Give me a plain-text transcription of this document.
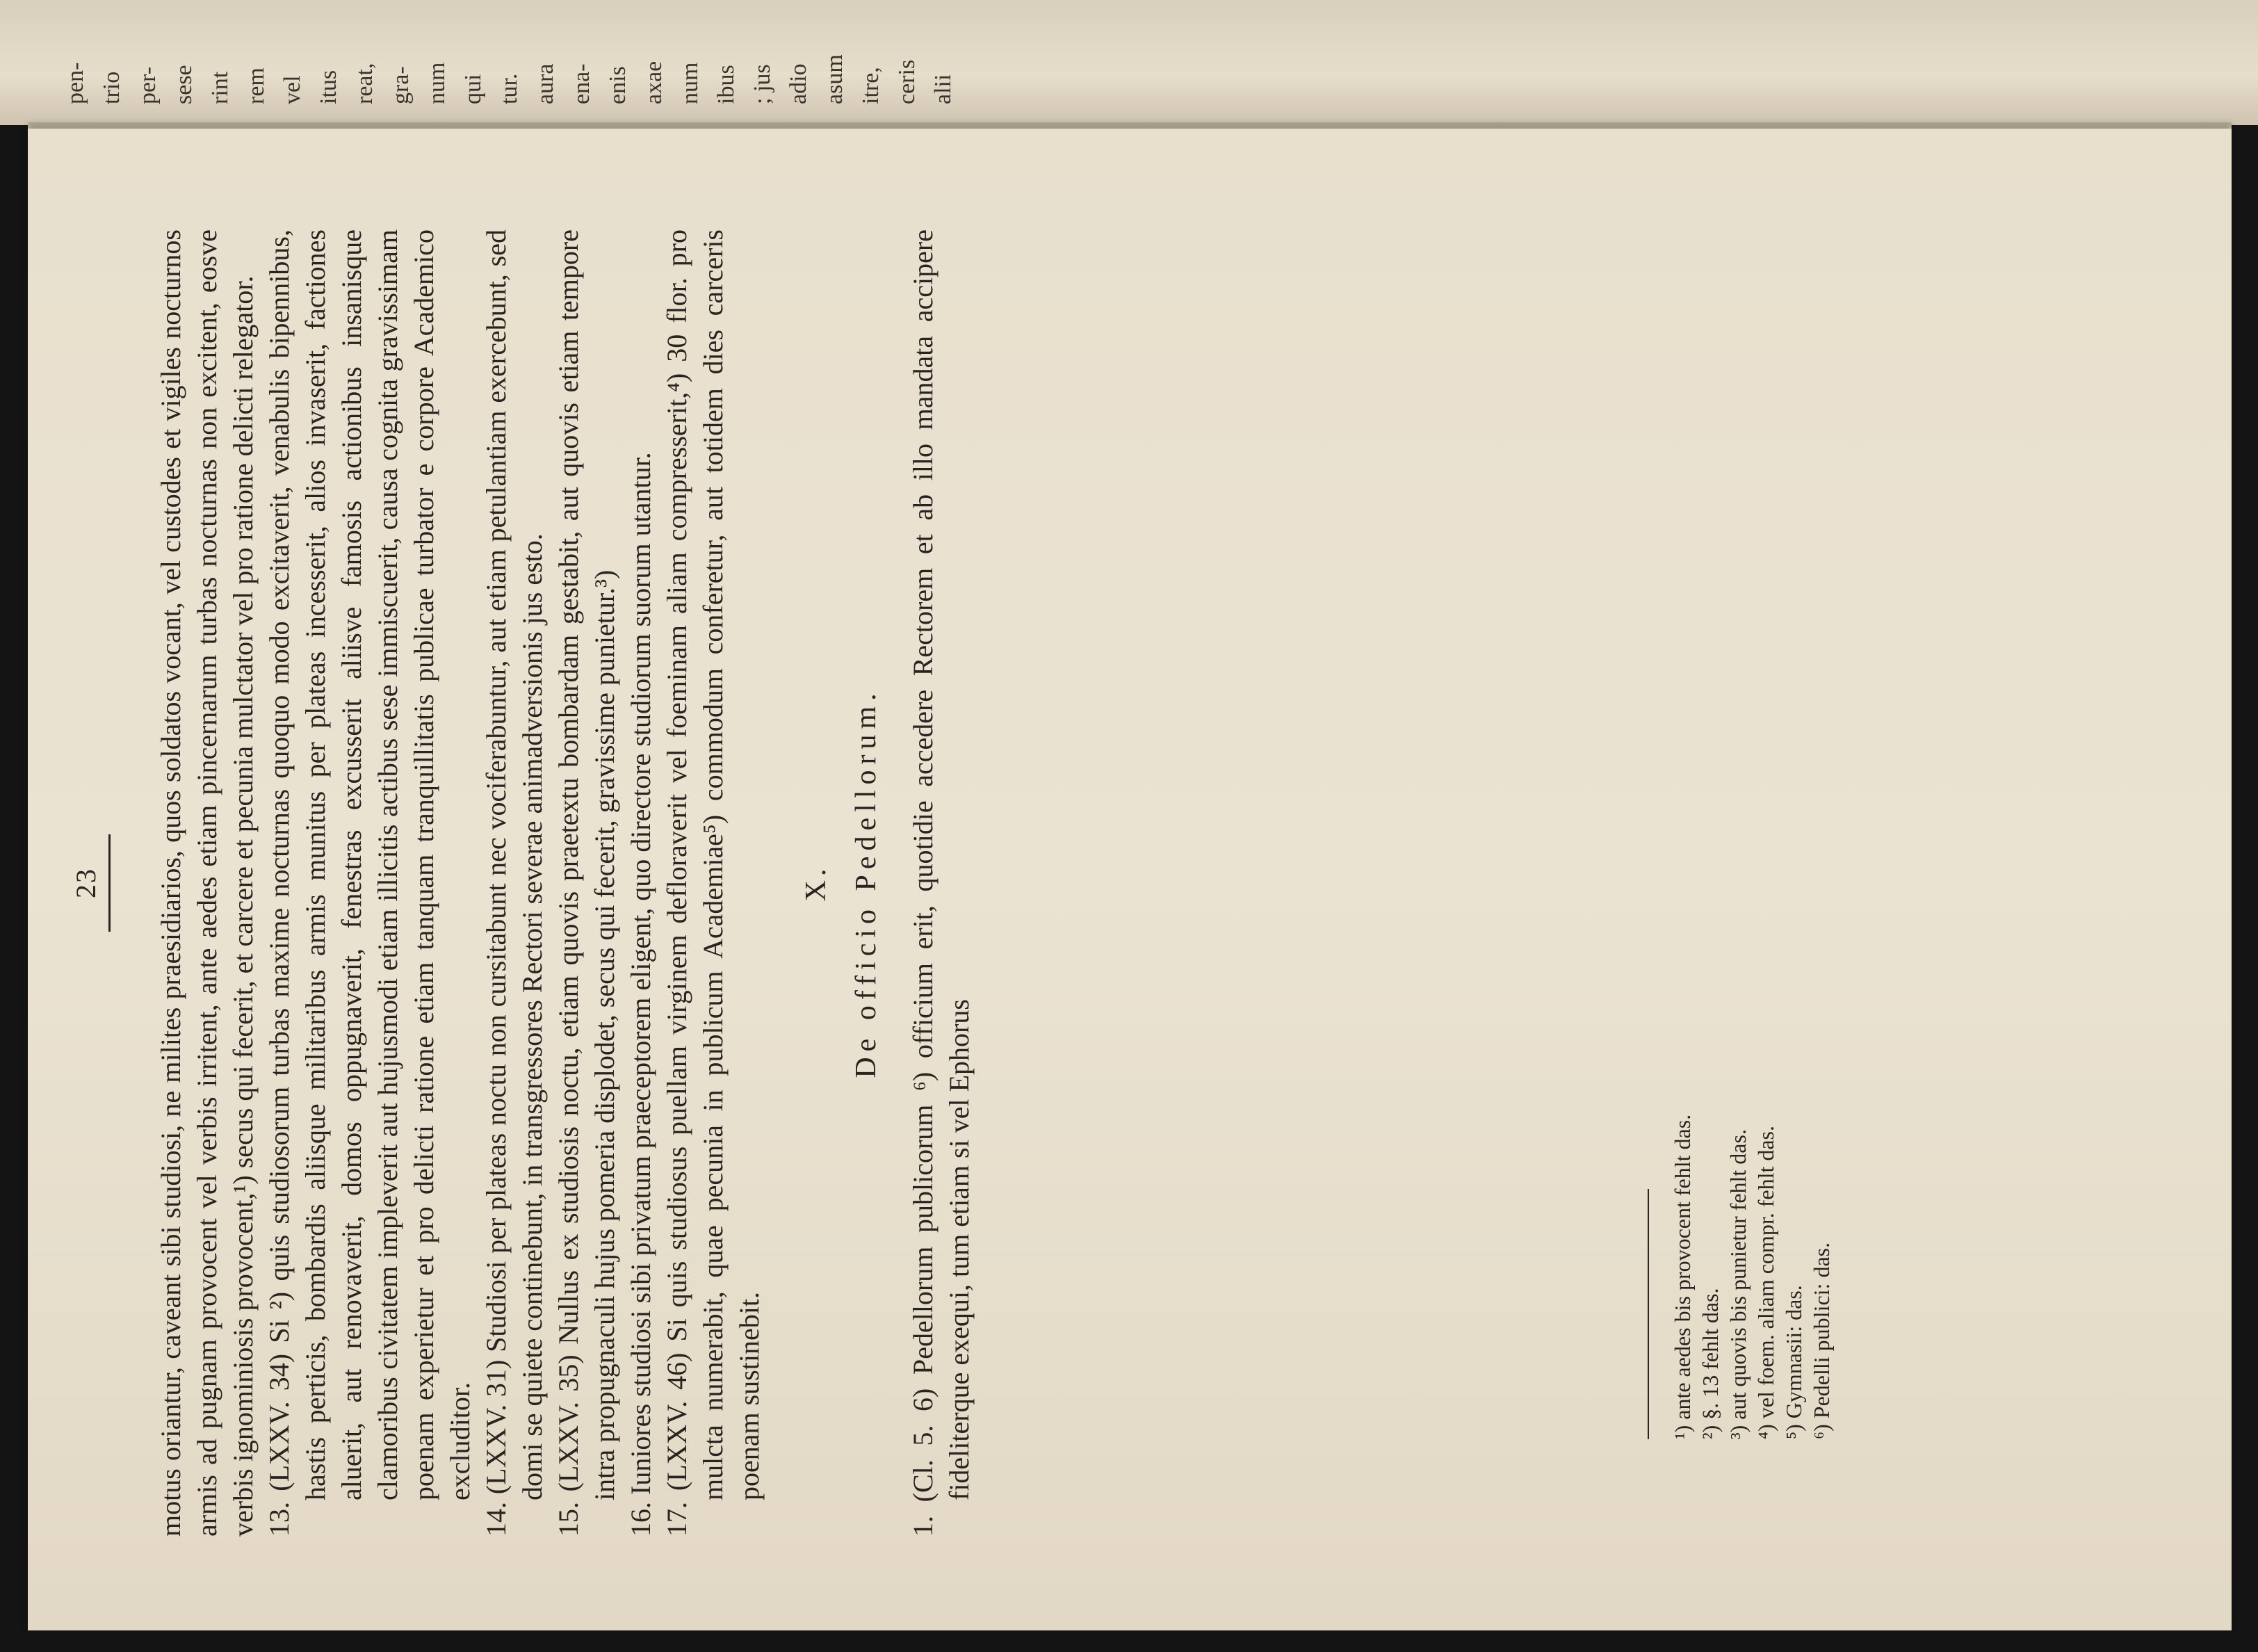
pen- trio per- sese rint rem vel itus reat, gra- num qui tur. aura ena- enis axae num ibus ; jus adio asum itre, ceris alii
23 motus oriantur, caveant sibi studiosi, ne milites praesidiarios, quos soldatos vocant, vel custodes et vigiles nocturnos armis ad pugnam provocent vel verbis irritent, ante aedes etiam pincernarum turbas nocturnas non excitent, eosve verbis ignominiosis provocent,¹) secus qui fecerit, et carcere et pecunia mulctator vel pro ratione delicti relegator. 13. (LXXV. 34) Si ²) quis studiosorum turbas maxime nocturnas quoquo modo excitaverit, venabulis bipennibus, hastis perticis, bombardis aliisque militaribus armis munitus per plateas incesserit, alios invaserit, factiones aluerit, aut renovaverit, domos oppugnaverit, fenestras excusserit aliisve famosis actionibus insanisque clamoribus civitatem impleverit aut hujusmodi etiam illicitis actibus sese immiscuerit, causa cognita gravissimam poenam experietur et pro delicti ratione etiam tanquam tranquillitatis publicae turbator e corpore Academico excluditor. 14. (LXXV. 31) Studiosi per plateas noctu non cursitabunt nec vociferabuntur, aut etiam petulantiam exercebunt, sed domi se quiete continebunt, in transgressores Rectori severae animadversionis jus esto. 15. (LXXV. 35) Nullus ex studiosis noctu, etiam quovis praetextu bombardam gestabit, aut quovis etiam tempore intra propugnaculi hujus pomeria displodet, secus qui fecerit, gravissime punietur.³) 16. Iuniores studiosi sibi privatum praeceptorem eligent, quo directore studiorum suorum utantur. 17. (LXXV. 46) Si quis studiosus puellam virginem defloraverit vel foeminam aliam compresserit,⁴) 30 flor. pro mulcta numerabit, quae pecunia in publicum Academiae⁵) commodum conferetur, aut totidem dies carceris poenam sustinebit.

X. De officio Pedellorum. 1. (Cl. 5. 6) Pedellorum publicorum ⁶) officium erit, quotidie accedere Rectorem et ab illo mandata accipere fideliterque exequi, tum etiam si vel Ephorus	¹) ante aedes bis provocent fehlt das. ²) §. 13 fehlt das. ³) aut quovis bis punietur fehlt das. ⁴) vel foem. aliam compr. fehlt das. ⁵) Gymnasii: das. ⁶) Pedelli publici: das.
